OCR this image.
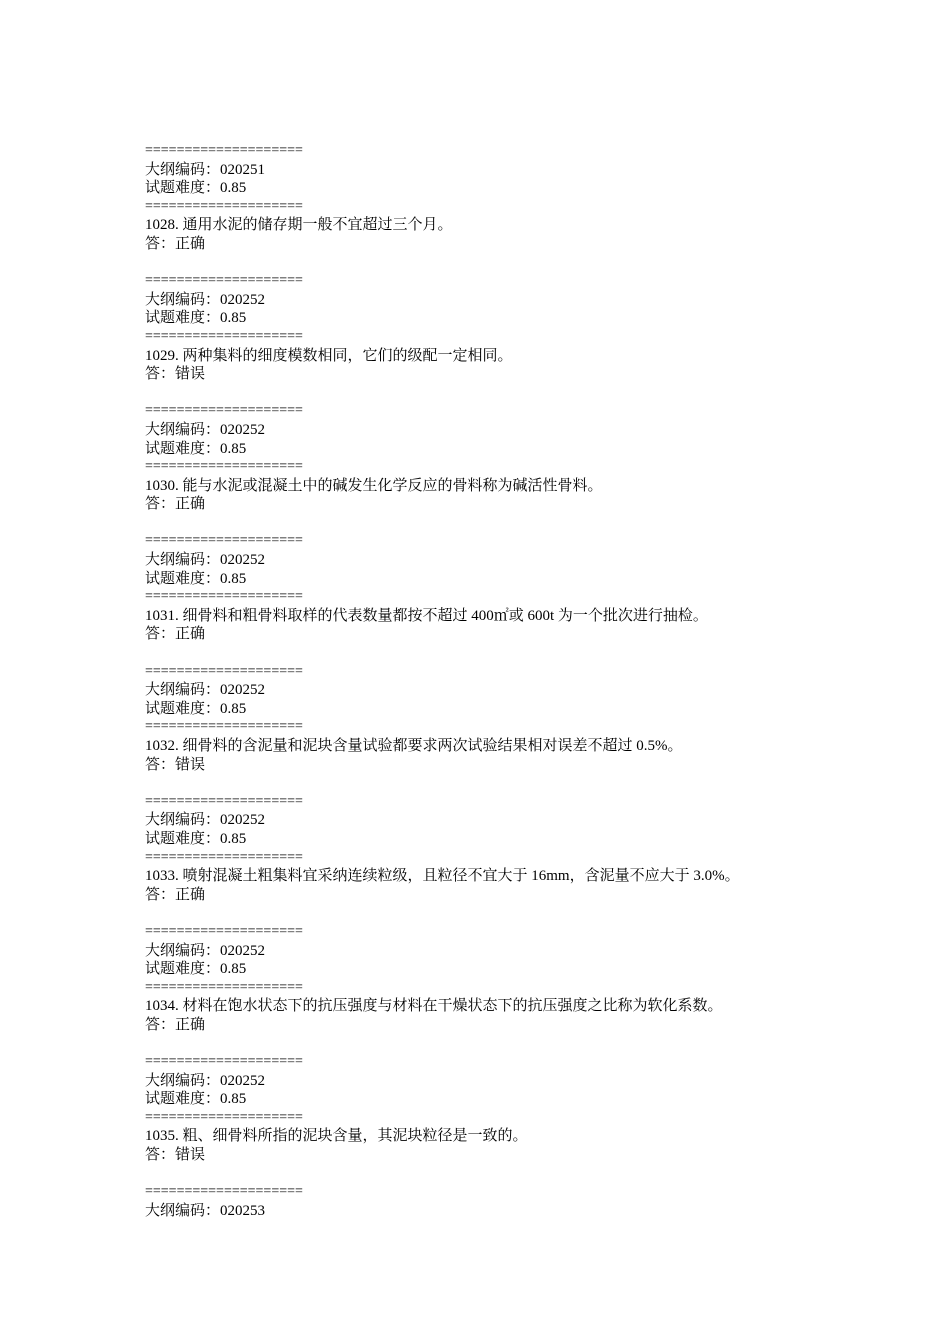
====================
大纲编码：020251
试题难度：0.85
====================
1028. 通用水泥的储存期一般不宜超过三个月。
答：正确
====================
大纲编码：020252
试题难度：0.85
====================
1029. 两种集料的细度模数相同，它们的级配一定相同。
答：错误
====================
大纲编码：020252
试题难度：0.85
====================
1030. 能与水泥或混凝土中的碱发生化学反应的骨料称为碱活性骨料。
答：正确
====================
大纲编码：020252
试题难度：0.85
====================
1031. 细骨料和粗骨料取样的代表数量都按不超过 400㎡或 600t 为一个批次进行抽检。
答：正确
====================
大纲编码：020252
试题难度：0.85
====================
1032. 细骨料的含泥量和泥块含量试验都要求两次试验结果相对误差不超过 0.5%。
答：错误
====================
大纲编码：020252
试题难度：0.85
====================
1033. 喷射混凝土粗集料宜采纳连续粒级，且粒径不宜大于 16mm，含泥量不应大于 3.0%。
答：正确
====================
大纲编码：020252
试题难度：0.85
====================
1034. 材料在饱水状态下的抗压强度与材料在干燥状态下的抗压强度之比称为软化系数。
答：正确
====================
大纲编码：020252
试题难度：0.85
====================
1035. 粗、细骨料所指的泥块含量，其泥块粒径是一致的。
答：错误
====================
大纲编码：020253
